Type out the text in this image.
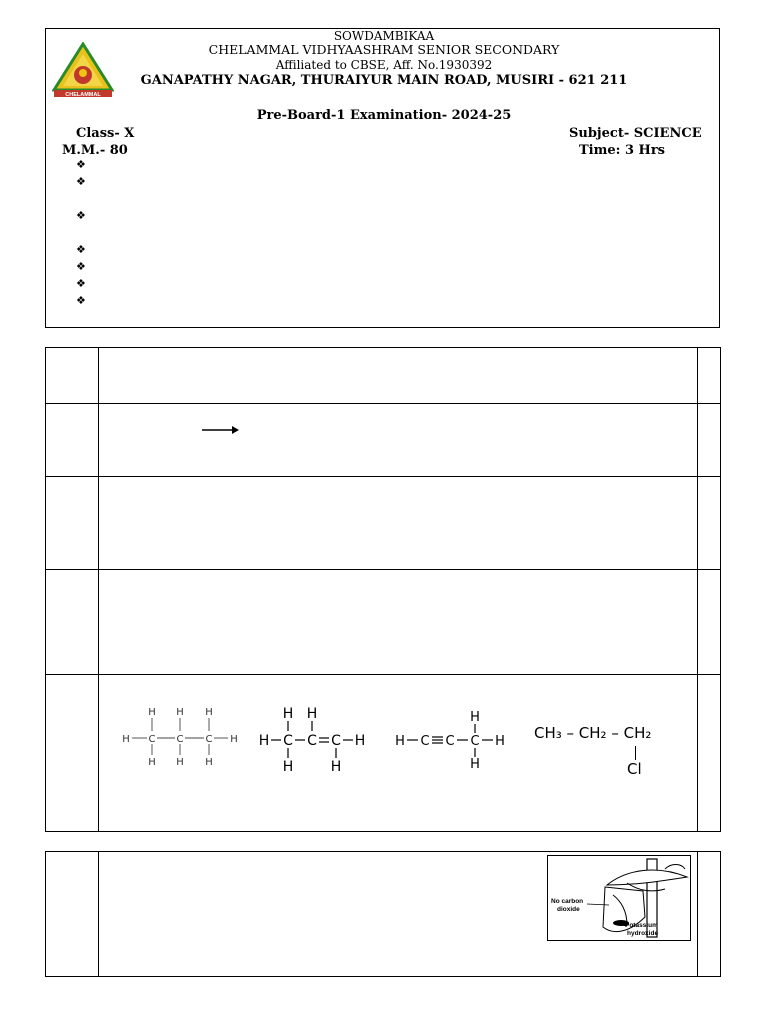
CHELAMMAL
SOWDAMBIKAA
CHELAMMAL VIDHYAASHRAM SENIOR SECONDARY
Affiliated to CBSE, Aff. No.1930392
GANAPATHY NAGAR, THURAIYUR MAIN ROAD, MUSIRI - 621 211
Pre-Board-1 Examination- 2024-25
Class- X
M.M.- 80
Subject- SCIENCE
Time: 3 Hrs
❖
❖
❖
❖
❖
❖
❖
H H H
H C C C H
H H H
H H
H C C C H
H	H
H
H C C C H
H
CH₃ – CH₂ – CH₂
Cl
No carbon
dioxide
Potassium
hydroxide
